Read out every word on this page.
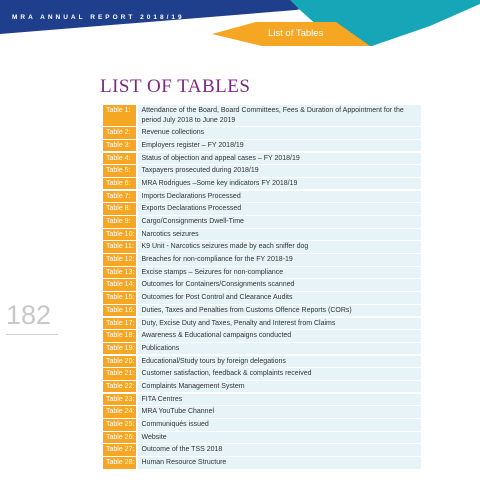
MRA ANNUAL REPORT 2018/19
List of Tables
LIST OF TABLES
182
Table 1:	Attendance of the Board, Board Committees, Fees & Duration of Appointment for the period July 2018 to June 2019
Table 2:	Revenue collections
Table 3:	Employers register – FY 2018/19
Table 4:	Status of objection and appeal cases – FY 2018/19
Table 5:	Taxpayers prosecuted during 2018/19
Table 6:	MRA Rodrigues –Some key indicators FY 2018/19
Table 7:	Imports Declarations Processed
Table 8:	Exports Declarations Processed
Table 9:	Cargo/Consignments Dwell-Time
Table 10:	Narcotics seizures
Table 11:	K9 Unit - Narcotics seizures made by each sniffer dog
Table 12:	Breaches for non-compliance for the FY 2018-19
Table 13:	Excise stamps – Seizures for non-compliance
Table 14:	Outcomes for Containers/Consignments scanned
Table 15:	Outcomes for Post Control and Clearance Audits
Table 16:	Duties, Taxes and Penalties from Customs Offence Reports (CORs)
Table 17:	Duty, Excise Duty and Taxes, Penalty and Interest from Claims
Table 18:	Awareness & Educational campaigns conducted
Table 19:	Publications
Table 20:	Educational/Study tours by foreign delegations
Table 21:	Customer satisfaction, feedback & complaints received
Table 22:	Complaints Management System
Table 23:	FITA Centres
Table 24:	MRA YouTube Channel
Table 25:	Communiqués issued
Table 26:	Website
Table 27:	Outcome of the TSS 2018
Table 28:	Human Resource Structure
